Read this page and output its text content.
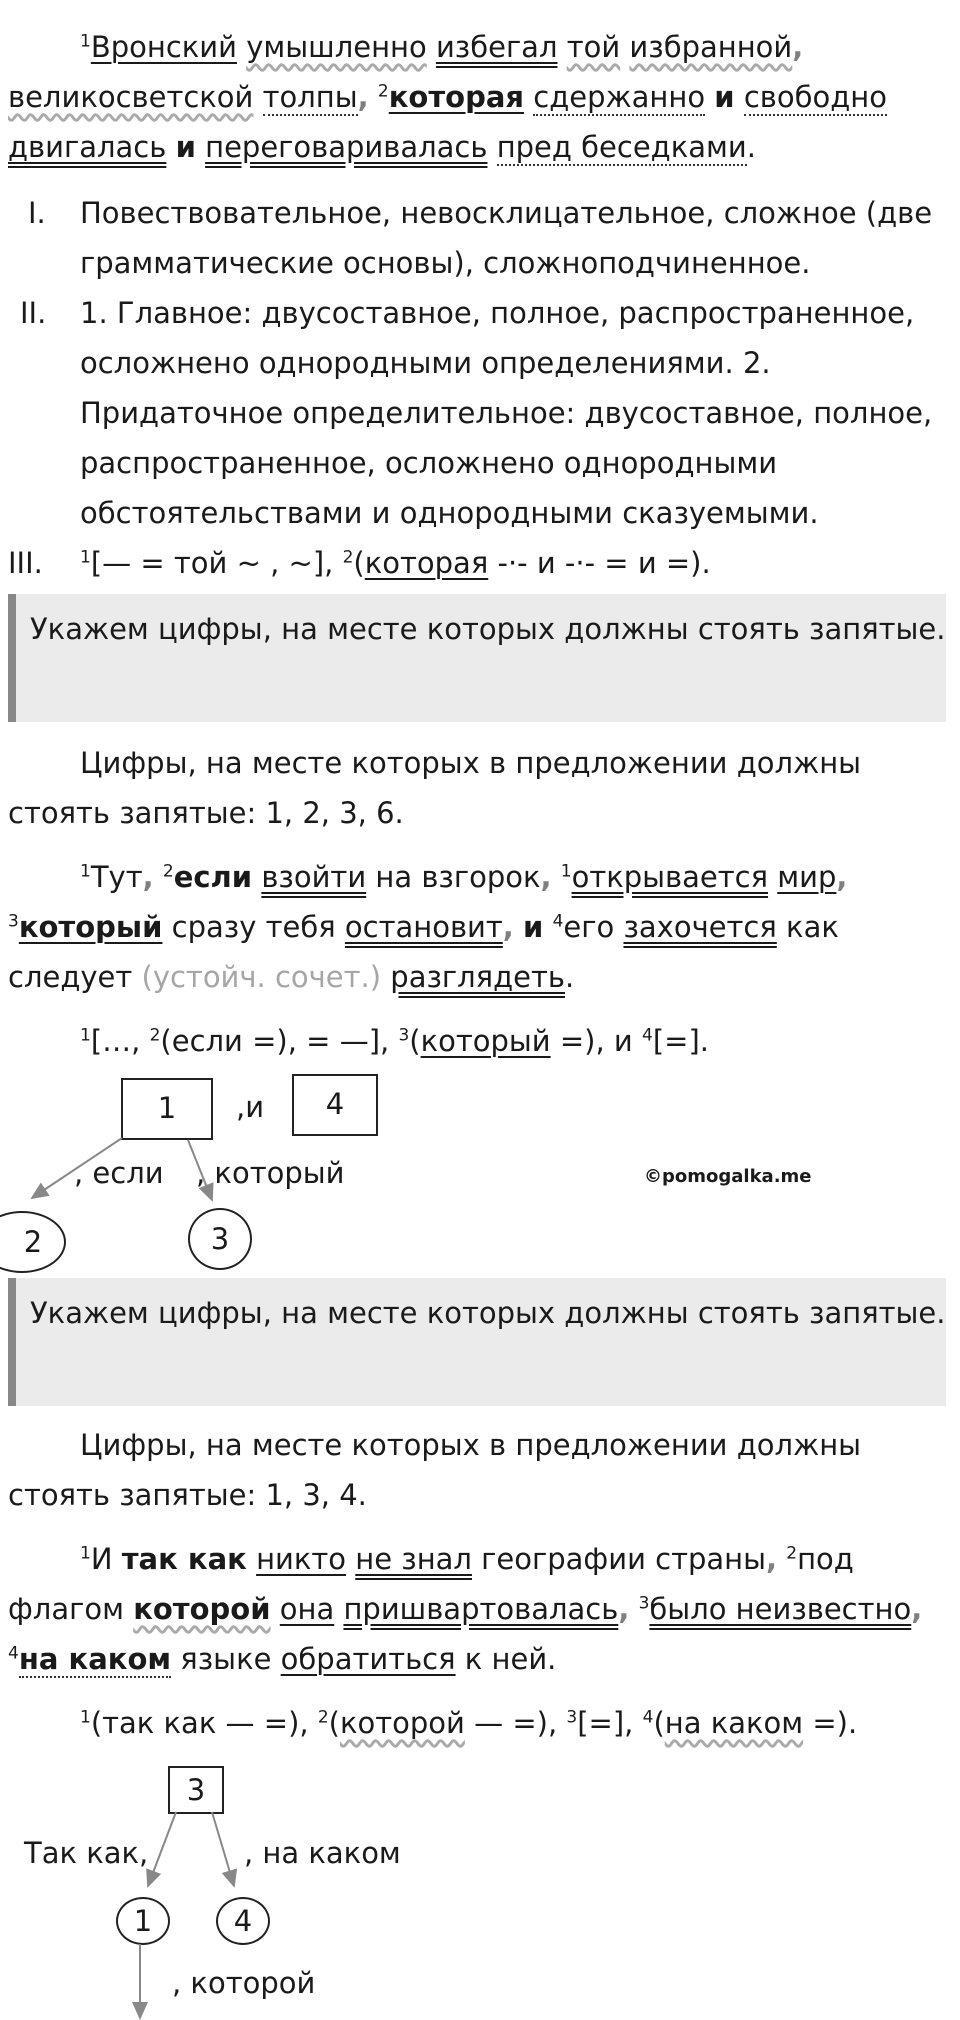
$^1$Вронский умышленно избегал той избранной, великосветской толпы, $^2$которая сдержанно и свободно двигалась и переговаривалась пред беседками.
I.	Повествовательное, невосклицательное, сложное (две грамматические основы), сложноподчиненное.
II.	1. Главное: двусоставное, полное, распространенное, осложнено однородными определениями. 2. Придаточное определительное: двусоставное, полное, распространенное, осложнено однородными обстоятельствами и однородными сказуемыми.
III.	$^1$[— = той ~ , ~], $^2$(которая -·- и -·- = и =).
Укажем цифры, на месте которых должны стоять запятые.
Цифры, на месте которых в предложении должны стоять запятые: 1, 2, 3, 6.
$^1$Тут, $^2$если взойти на взгорок, $^1$открывается мир, $^3$который сразу тебя остановит, и $^4$его захочется как следует (устойч. сочет.) разглядеть.
$^1$[…, $^2$(если =), = —], $^3$(который =), и $^4$[=].
1	,и	4
, если , который	©pomogalka.me
2	3
Укажем цифры, на месте которых должны стоять запятые.
Цифры, на месте которых в предложении должны стоять запятые: 1, 3, 4.
$^1$И так как никто не знал географии страны, $^2$под флагом которой она пришвартовалась, $^3$было неизвестно, $^4$на каком языке обратиться к ней.
$^1$(так как — =), $^2$(которой — =), $^3$[=], $^4$(на каком =).
3
Так как,	, на каком
1	4
, которой
